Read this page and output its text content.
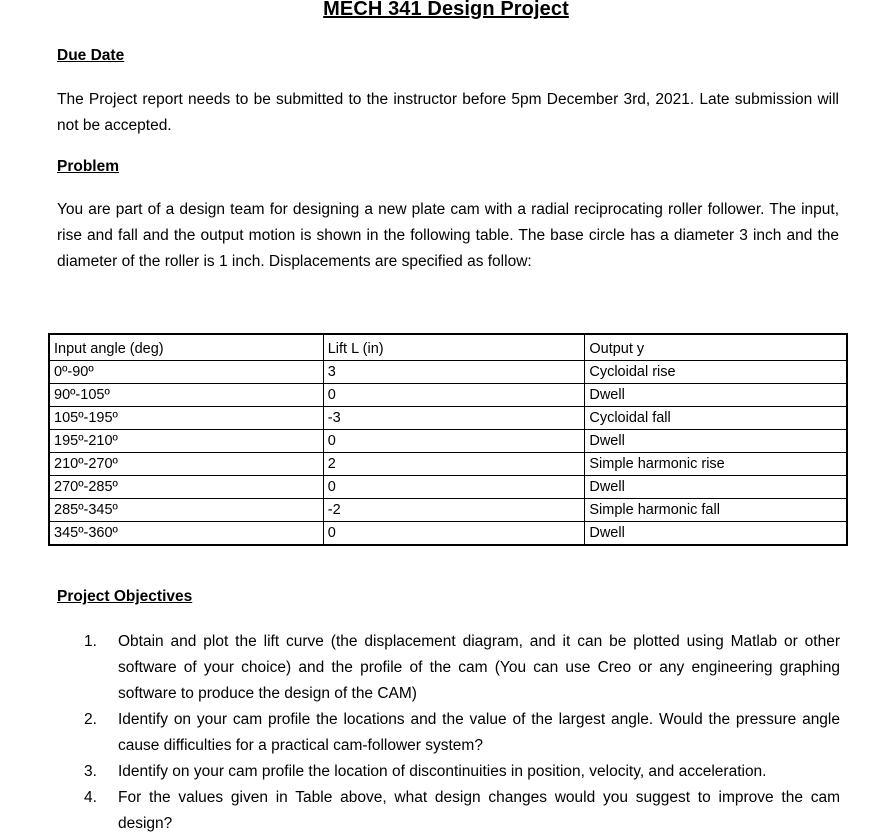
MECH 341 Design Project
Due Date

The Project report needs to be submitted to the instructor before 5pm December 3rd, 2021. Late submission will not be accepted.

Problem

You are part of a design team for designing a new plate cam with a radial reciprocating roller follower. The input, rise and fall and the output motion is shown in the following table. The base circle has a diameter 3 inch and the diameter of the roller is 1 inch. Displacements are specified as follow:

Input angle (deg)	Lift L (in)	Output y
0º-90º	3	Cycloidal rise
90º-105º	0	Dwell
105º-195º	-3	Cycloidal fall
195º-210º	0	Dwell
210º-270º	2	Simple harmonic rise
270º-285º	0	Dwell
285º-345º	-2	Simple harmonic fall
345º-360º	0	Dwell
Project Objectives
1. Obtain and plot the lift curve (the displacement diagram, and it can be plotted using Matlab or other software of your choice) and the profile of the cam (You can use Creo or any engineering graphing software to produce the design of the CAM)
2. Identify on your cam profile the locations and the value of the largest angle. Would the pressure angle cause difficulties for a practical cam-follower system?
3. Identify on your cam profile the location of discontinuities in position, velocity, and acceleration.
4. For the values given in Table above, what design changes would you suggest to improve the cam design?
